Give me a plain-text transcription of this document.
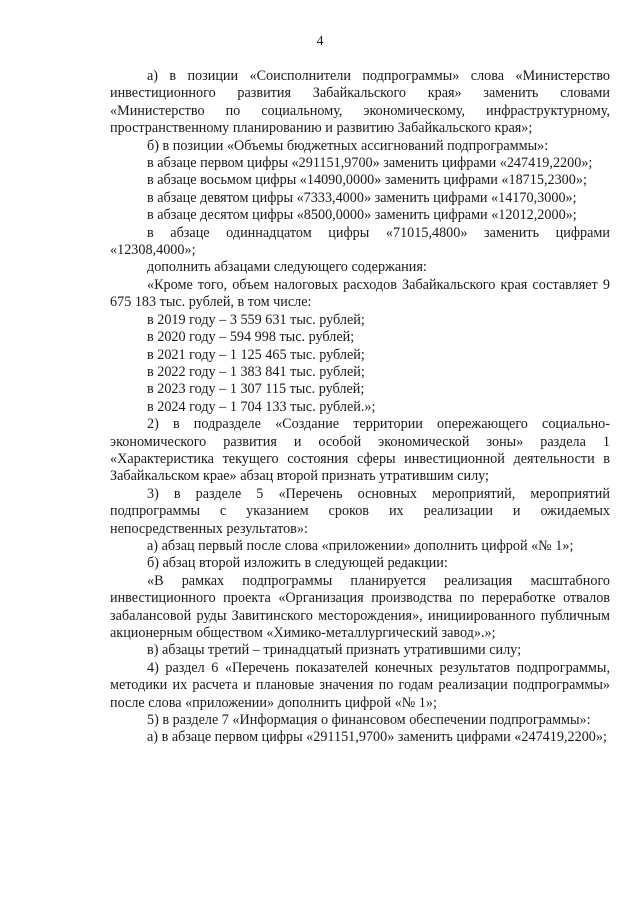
4

а) в позиции «Соисполнители подпрограммы» слова «Министерство инвестиционного развития Забайкальского края» заменить словами «Министерство по социальному, экономическому, инфраструктурному, пространственному планированию и развитию Забайкальского края»;

б) в позиции «Объемы бюджетных ассигнований подпрограммы»:

в абзаце первом цифры «291151,9700» заменить цифрами «247419,2200»;

в абзаце восьмом цифры «14090,0000» заменить цифрами «18715,2300»;

в абзаце девятом цифры «7333,4000» заменить цифрами «14170,3000»;

в абзаце десятом цифры «8500,0000» заменить цифрами «12012,2000»;

в абзаце одиннадцатом цифры «71015,4800» заменить цифрами «12308,4000»;

дополнить абзацами следующего содержания:

«Кроме того, объем налоговых расходов Забайкальского края составляет 9 675 183 тыс. рублей, в том числе:

в 2019 году – 3 559 631 тыс. рублей;

в 2020 году – 594 998 тыс. рублей;

в 2021 году – 1 125 465 тыс. рублей;

в 2022 году – 1 383 841 тыс. рублей;

в 2023 году – 1 307 115 тыс. рублей;

в 2024 году – 1 704 133 тыс. рублей.»;

2) в подразделе «Создание территории опережающего социально-экономического развития и особой экономической зоны» раздела 1 «Характеристика текущего состояния сферы инвестиционной деятельности в Забайкальском крае» абзац второй признать утратившим силу;

3) в разделе 5 «Перечень основных мероприятий, мероприятий подпрограммы с указанием сроков их реализации и ожидаемых непосредственных результатов»:

а) абзац первый после слова «приложении» дополнить цифрой «№ 1»;

б) абзац второй изложить в следующей редакции:

«В рамках подпрограммы планируется реализация масштабного инвестиционного проекта «Организация производства по переработке отвалов забалансовой руды Завитинского месторождения», инициированного публичным акционерным обществом «Химико-металлургический завод».»;

в) абзацы третий – тринадцатый признать утратившими силу;

4) раздел 6 «Перечень показателей конечных результатов подпрограммы, методики их расчета и плановые значения по годам реализации подпрограммы» после слова «приложении» дополнить цифрой «№ 1»;

5) в разделе 7 «Информация о финансовом обеспечении подпрограммы»:

а) в абзаце первом цифры «291151,9700» заменить цифрами «247419,2200»;
